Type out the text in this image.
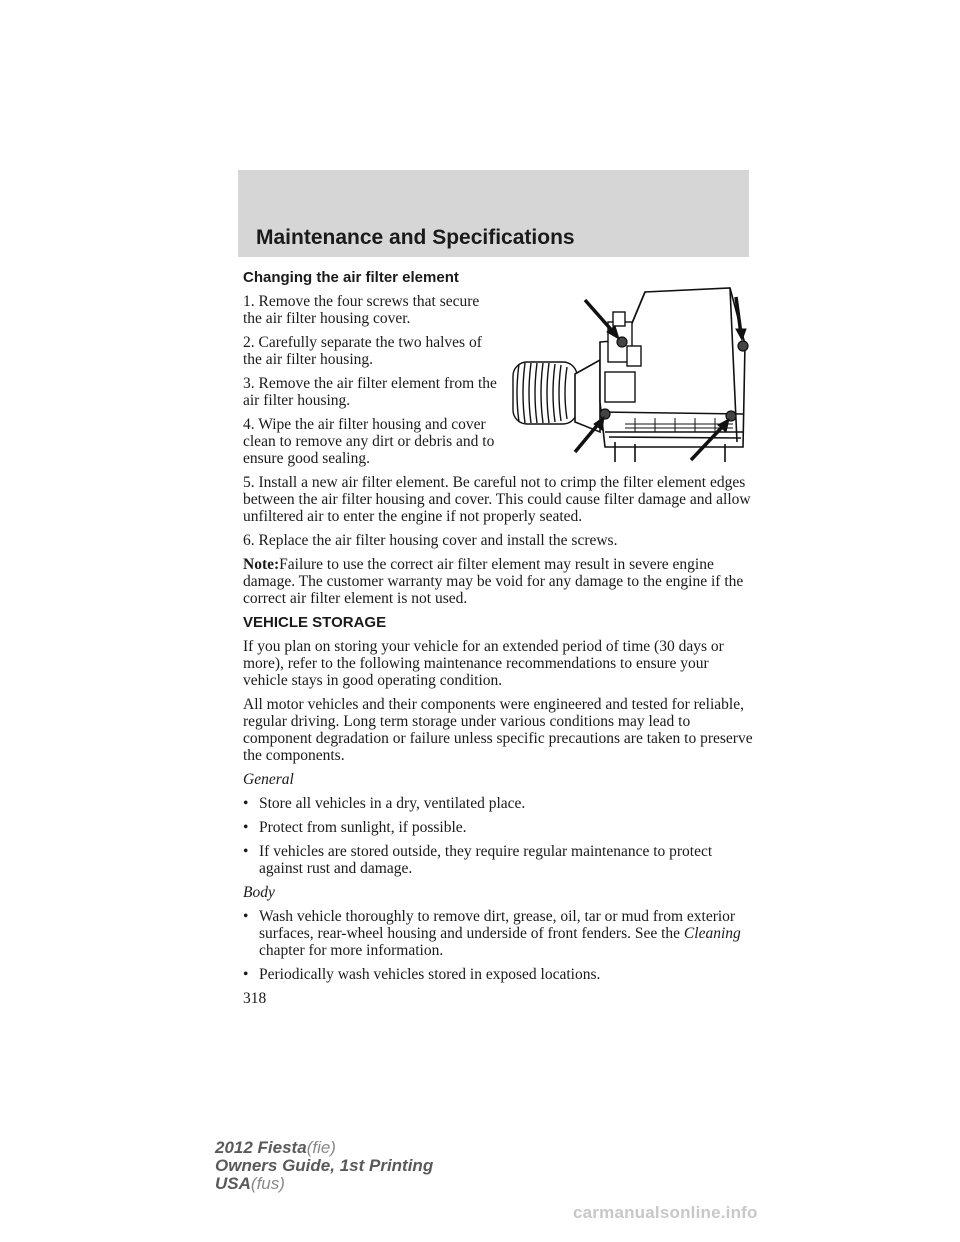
Maintenance and Specifications
Changing the air filter element

1. Remove the four screws that secure the air filter housing cover.

2. Carefully separate the two halves of the air filter housing.

3. Remove the air filter element from the air filter housing.

4. Wipe the air filter housing and cover clean to remove any dirt or debris and to ensure good sealing.

5. Install a new air filter element. Be careful not to crimp the filter element edges between the air filter housing and cover. This could cause filter damage and allow unfiltered air to enter the engine if not properly seated.

6. Replace the air filter housing cover and install the screws.

Note:Failure to use the correct air filter element may result in severe engine damage. The customer warranty may be void for any damage to the engine if the correct air filter element is not used.

VEHICLE STORAGE

If you plan on storing your vehicle for an extended period of time (30 days or more), refer to the following maintenance recommendations to ensure your vehicle stays in good operating condition.

All motor vehicles and their components were engineered and tested for reliable, regular driving. Long term storage under various conditions may lead to component degradation or failure unless specific precautions are taken to preserve the components.

General

• Store all vehicles in a dry, ventilated place.
• Protect from sunlight, if possible.
• If vehicles are stored outside, they require regular maintenance to protect against rust and damage.

Body

• Wash vehicle thoroughly to remove dirt, grease, oil, tar or mud from exterior surfaces, rear-wheel housing and underside of front fenders. See the Cleaning chapter for more information.
• Periodically wash vehicles stored in exposed locations.
318
2012 Fiesta(fie)
Owners Guide, 1st Printing
USA(fus)
carmanualsonline.info
